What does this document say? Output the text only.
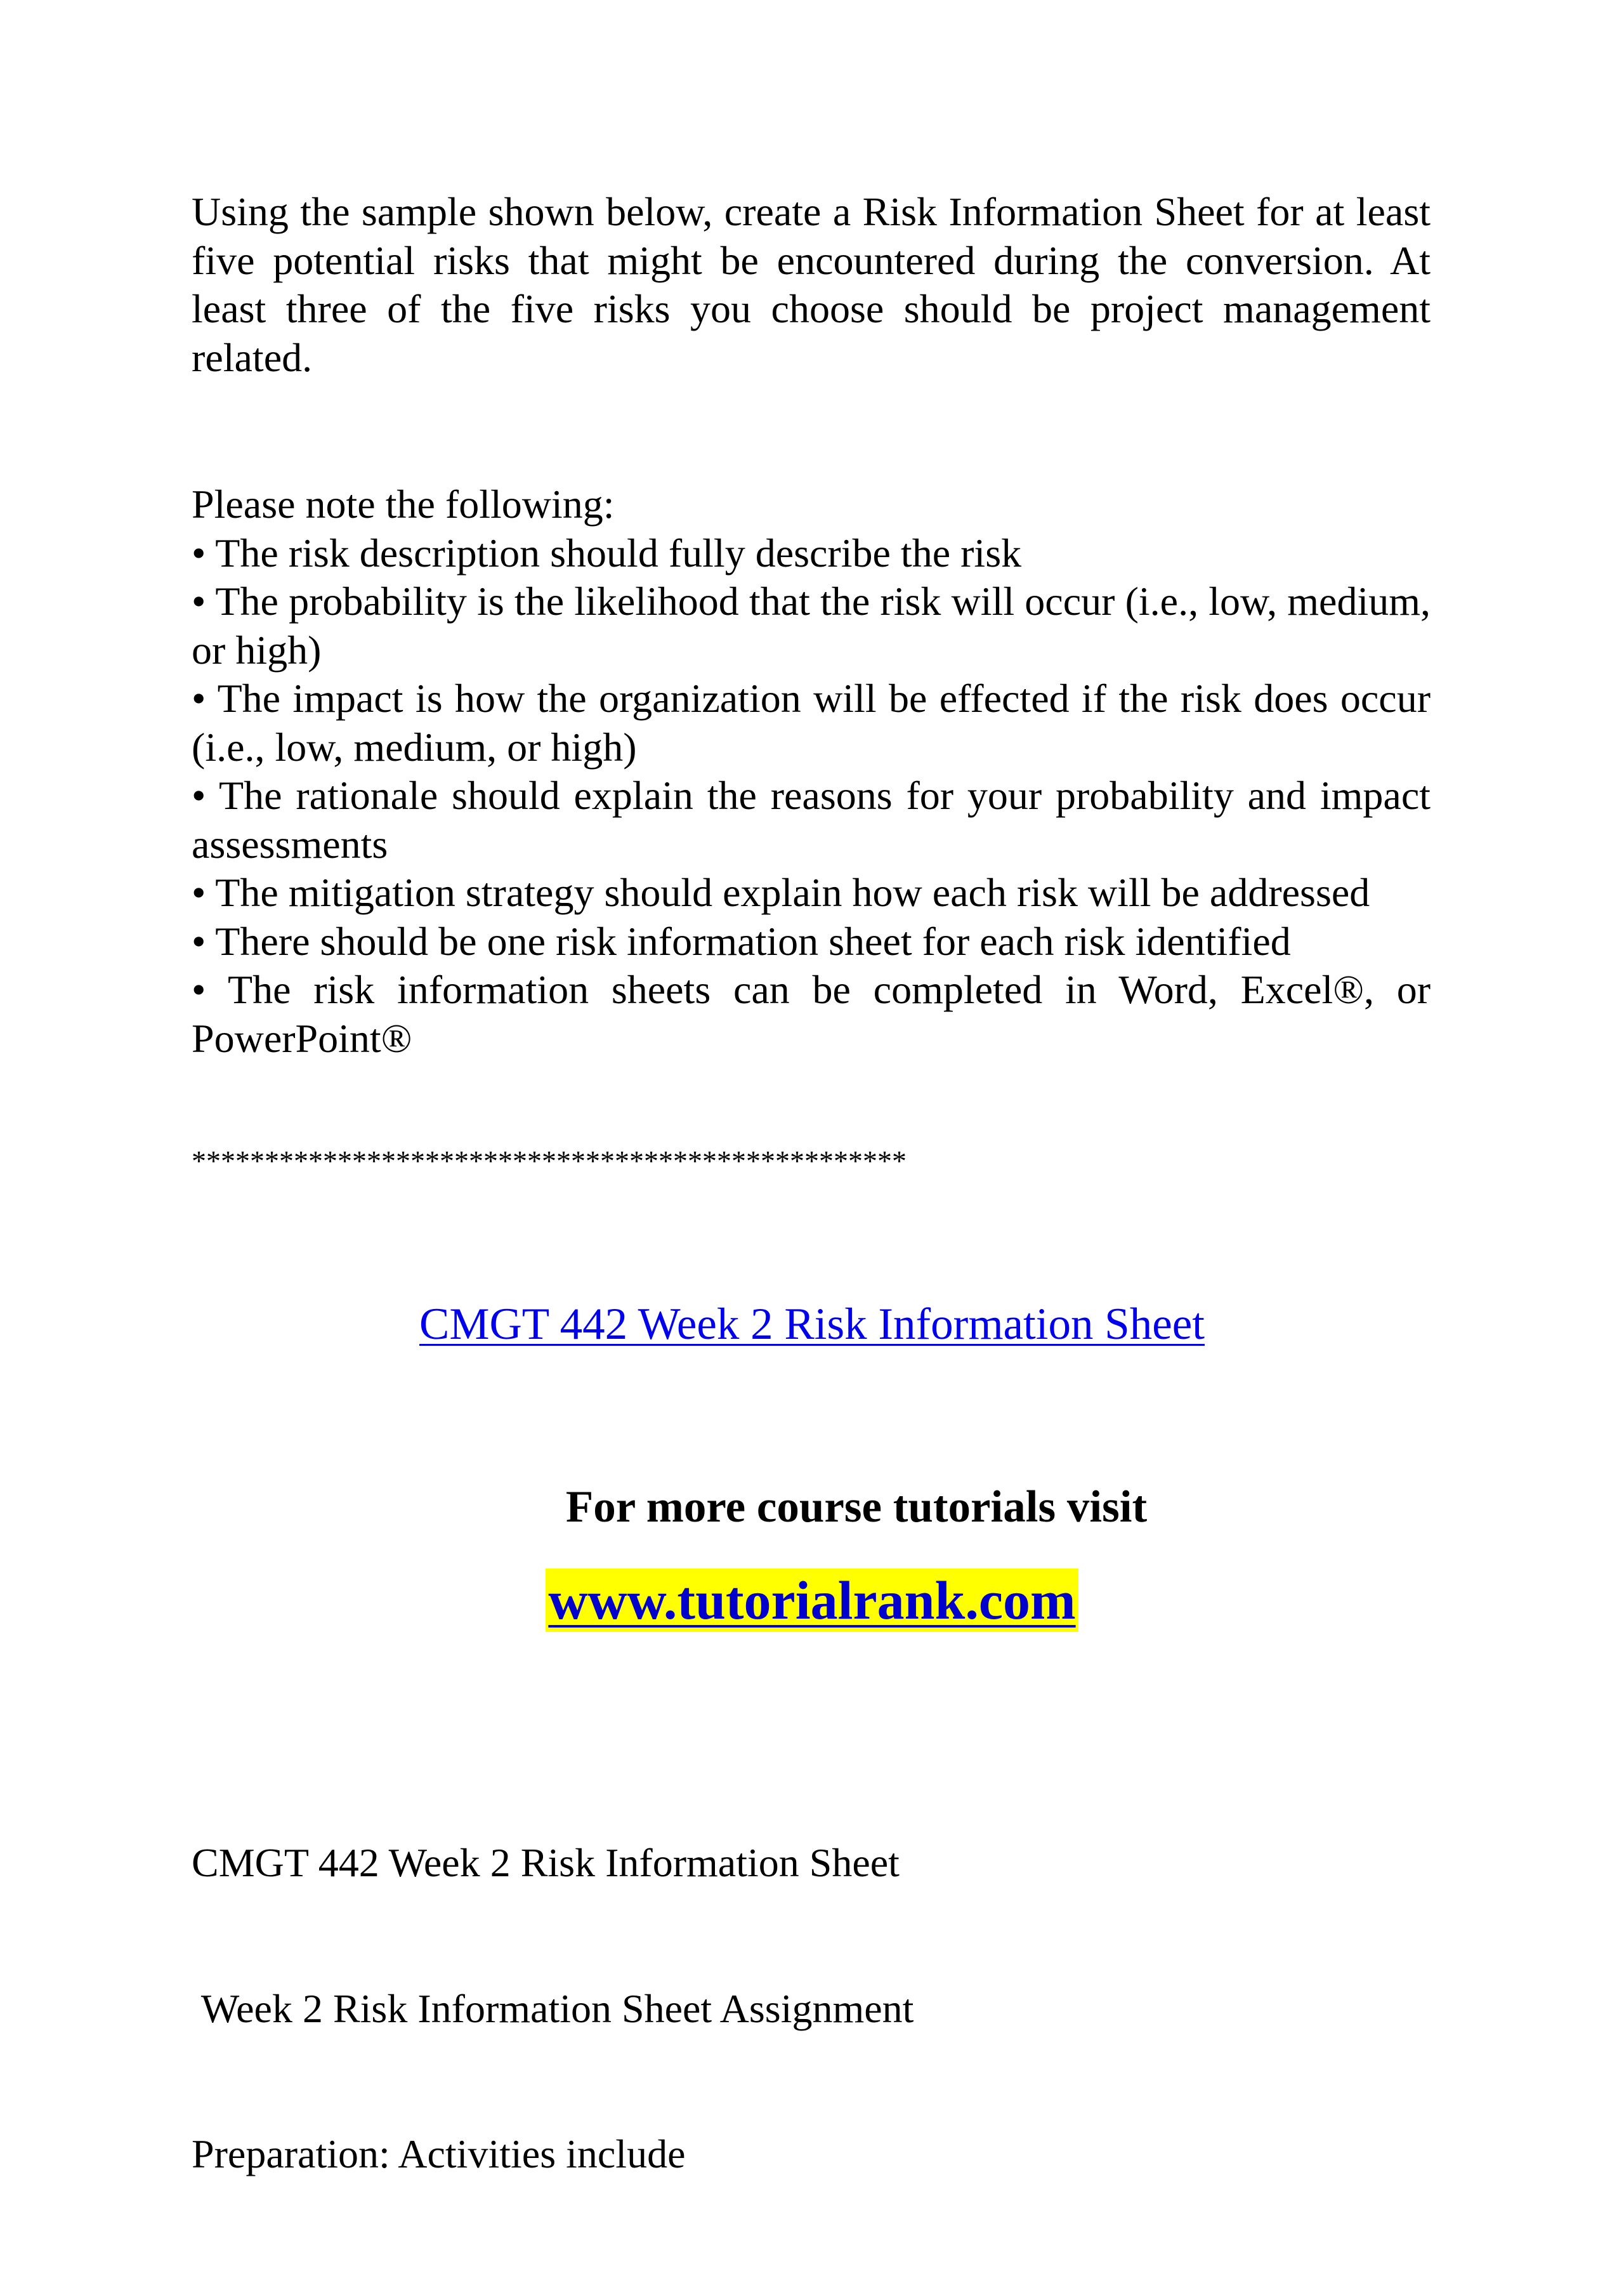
Using the sample shown below, create a Risk Information Sheet for at least five potential risks that might be encountered during the conversion. At least three of the five risks you choose should be project management related.

Please note the following:
• The risk description should fully describe the risk
• The probability is the likelihood that the risk will occur (i.e., low, medium, or high)
• The impact is how the organization will be effected if the risk does occur (i.e., low, medium, or high)
• The rationale should explain the reasons for your probability and impact assessments
• The mitigation strategy should explain how each risk will be addressed
• There should be one risk information sheet for each risk identified
• The risk information sheets can be completed in Word, Excel®, or PowerPoint®
*************************************************
CMGT 442 Week 2 Risk Information Sheet
For more course tutorials visit
www.tutorialrank.com

CMGT 442 Week 2 Risk Information Sheet

Week 2 Risk Information Sheet Assignment

Preparation: Activities include
